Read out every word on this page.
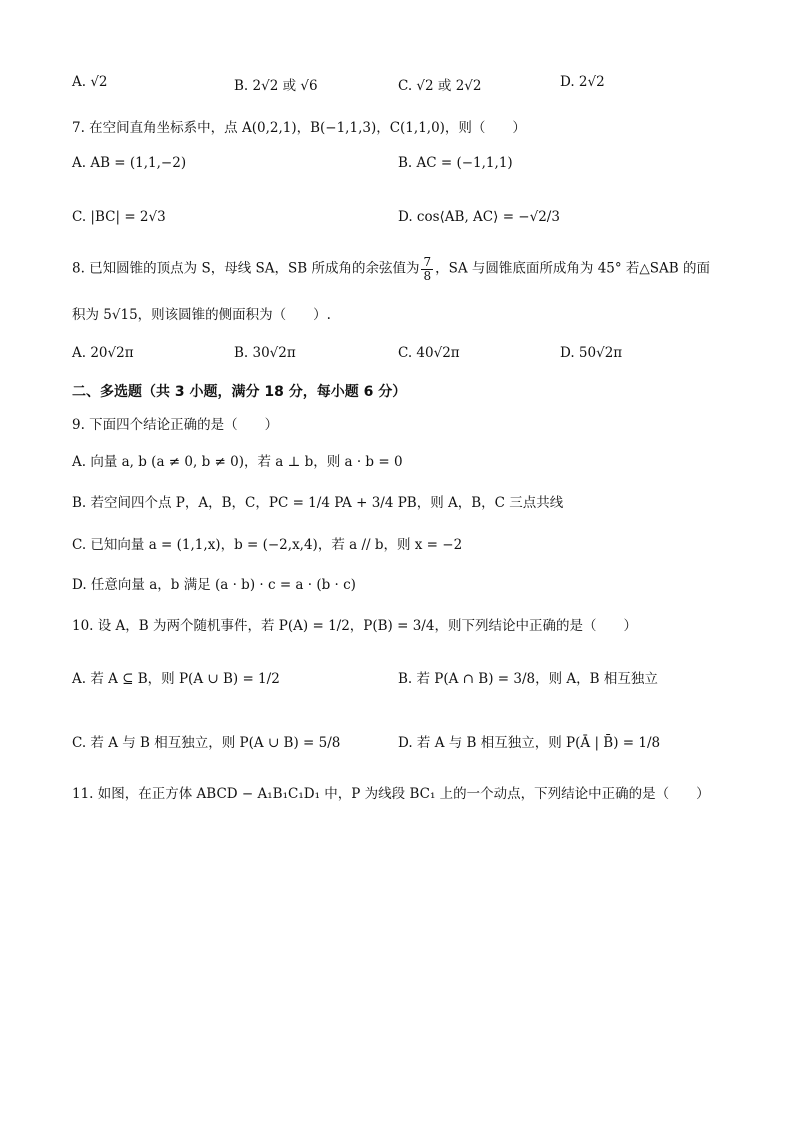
A. √2	B. 2√2 或 √6	C. √2 或 2√2	D. 2√2
7. 在空间直角坐标系中，点 A(0,2,1)，B(−1,1,3)，C(1,1,0)，则（　　）
A. AB = (1,1,−2)	B. AC = (−1,1,1)
C. |BC| = 2√3	D. cos⟨AB, AC⟩ = −√2/3
8. 已知圆锥的顶点为 S，母线 SA，SB 所成角的余弦值为 $\frac{7}{8}$ ，SA 与圆锥底面所成角为 45° 若△SAB 的面
积为 5√15，则该圆锥的侧面积为（　　）.
A. 20√2π	B. 30√2π	C. 40√2π	D. 50√2π
二、多选题（共 3 小题，满分 18 分，每小题 6 分）
9. 下面四个结论正确的是（　　）
A. 向量 a, b (a ≠ 0, b ≠ 0)，若 a ⊥ b，则 a · b = 0
B. 若空间四个点 P，A，B，C，PC = 1/4 PA + 3/4 PB，则 A，B，C 三点共线
C. 已知向量 a = (1,1,x)，b = (−2,x,4)，若 a // b，则 x = −2
D. 任意向量 a，b 满足 (a · b) · c = a · (b · c)
10. 设 A，B 为两个随机事件，若 P(A) = 1/2，P(B) = 3/4，则下列结论中正确的是（　　）
A. 若 A ⊆ B，则 P(A ∪ B) = 1/2	B. 若 P(A ∩ B) = 3/8，则 A，B 相互独立
C. 若 A 与 B 相互独立，则 P(A ∪ B) = 5/8	D. 若 A 与 B 相互独立，则 P(Ā | B̄) = 1/8
11. 如图，在正方体 ABCD − A₁B₁C₁D₁ 中，P 为线段 BC₁ 上的一个动点，下列结论中正确的是（　　）
